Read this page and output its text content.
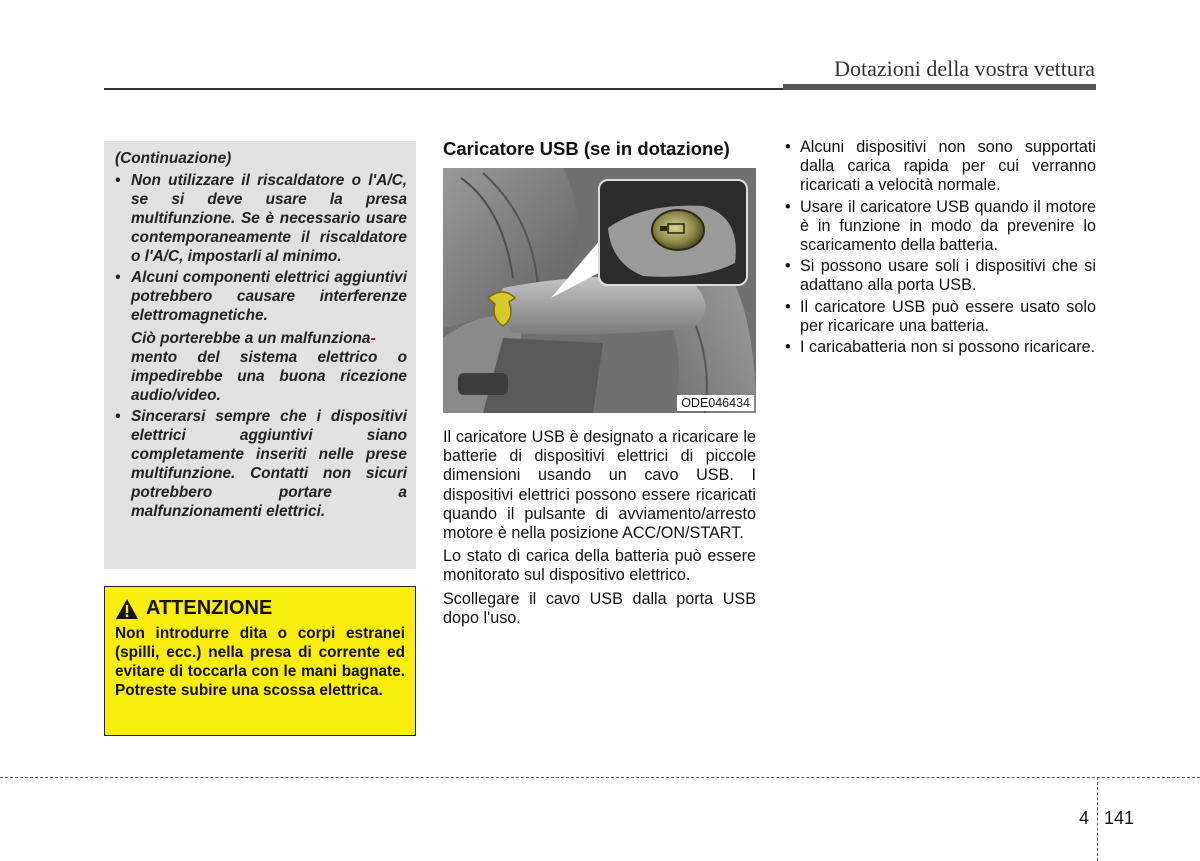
Dotazioni della vostra vettura
(Continuazione)
• Non utilizzare il riscaldatore o l'A/C, se si deve usare la presa multifunzione. Se è necessario usare contemporaneamente il riscaldatore o l'A/C, impostarli al minimo.

• Alcuni componenti elettrici aggiuntivi potrebbero causare interferenze elettromagnetiche.

Ciò porterebbe a un malfunziona-
mento del sistema elettrico o impedirebbe una buona ricezione audio/video.

• Sincerarsi sempre che i dispositivi elettrici aggiuntivi siano completamente inseriti nelle prese multifunzione. Contatti non sicuri potrebbero portare a malfunzionamenti elettrici.

ATTENZIONE

Non introdurre dita o corpi estranei (spilli, ecc.) nella presa di corrente ed evitare di toccarla con le mani bagnate. Potreste subire una scossa elettrica.

Caricatore USB (se in dotazione)
ODE046434

Il caricatore USB è designato a ricaricare le batterie di dispositivi elettrici di piccole dimensioni usando un cavo USB. I dispositivi elettrici possono essere ricaricati quando il pulsante di avviamento/arresto motore è nella posizione ACC/ON/START.

Lo stato di carica della batteria può essere monitorato sul dispositivo elettrico.

Scollegare il cavo USB dalla porta USB dopo l'uso.

• Alcuni dispositivi non sono supportati dalla carica rapida per cui verranno ricaricati a velocità normale.
• Usare il caricatore USB quando il motore è in funzione in modo da prevenire lo scaricamento della batteria.
• Si possono usare soli i dispositivi che si adattano alla porta USB.
• Il caricatore USB può essere usato solo per ricaricare una batteria.
• I caricabatteria non si possono ricaricare.
4 141
